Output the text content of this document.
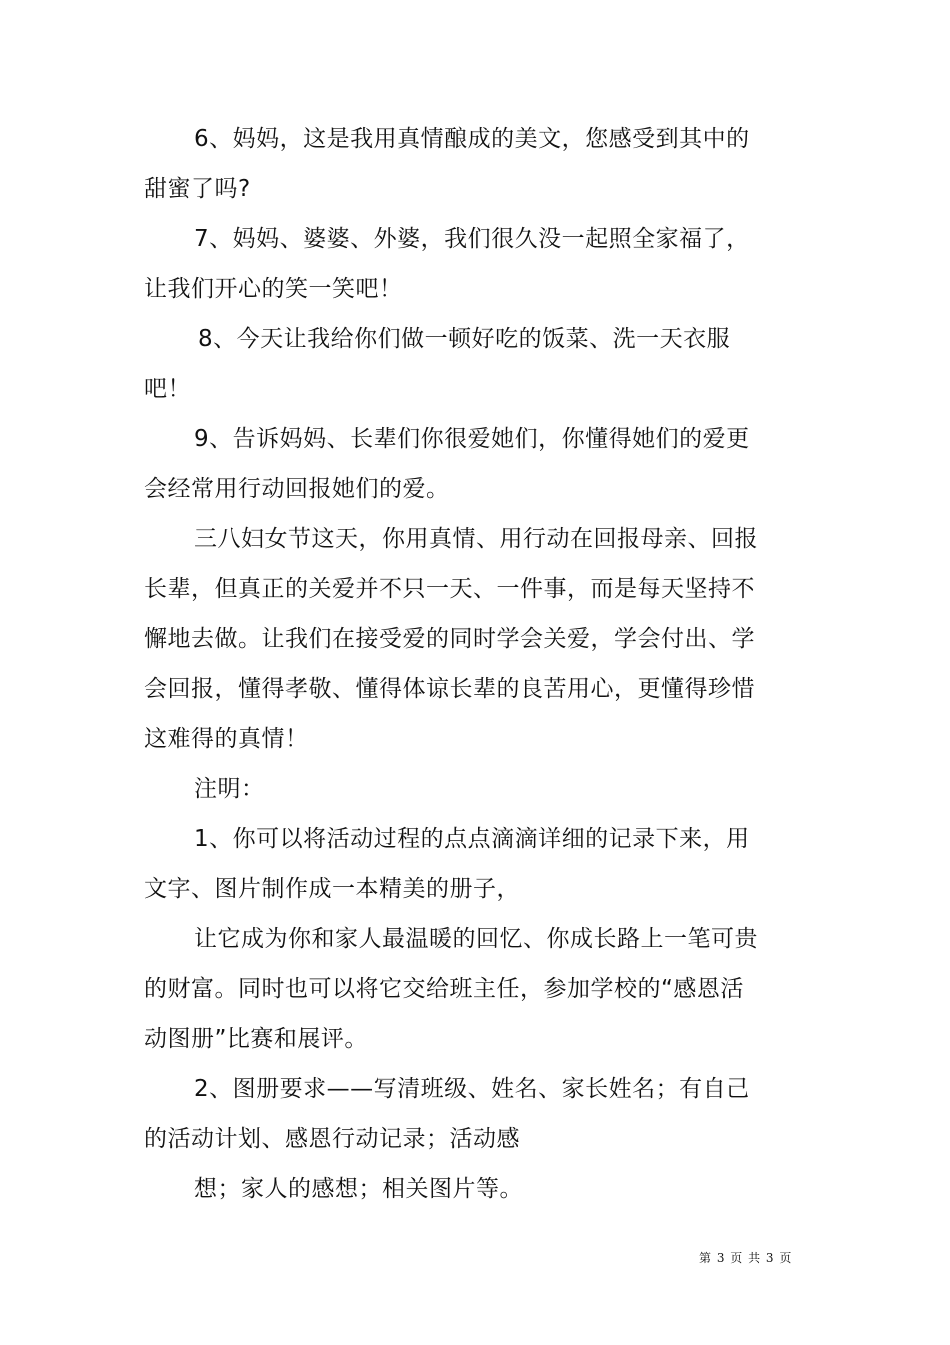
6、妈妈，这是我用真情酿成的美文，您感受到其中的
甜蜜了吗?
7、妈妈、婆婆、外婆，我们很久没一起照全家福了，
让我们开心的笑一笑吧！
8、今天让我给你们做一顿好吃的饭菜、洗一天衣服
吧！
9、告诉妈妈、长辈们你很爱她们，你懂得她们的爱更
会经常用行动回报她们的爱。
三八妇女节这天，你用真情、用行动在回报母亲、回报
长辈，但真正的关爱并不只一天、一件事，而是每天坚持不
懈地去做。让我们在接受爱的同时学会关爱，学会付出、学
会回报，懂得孝敬、懂得体谅长辈的良苦用心，更懂得珍惜
这难得的真情！
注明：
1、你可以将活动过程的点点滴滴详细的记录下来，用
文字、图片制作成一本精美的册子，
让它成为你和家人最温暖的回忆、你成长路上一笔可贵
的财富。同时也可以将它交给班主任，参加学校的“感恩活
动图册”比赛和展评。
2、图册要求——写清班级、姓名、家长姓名；有自己
的活动计划、感恩行动记录；活动感
想；家人的感想；相关图片等。
第 3 页 共 3 页
